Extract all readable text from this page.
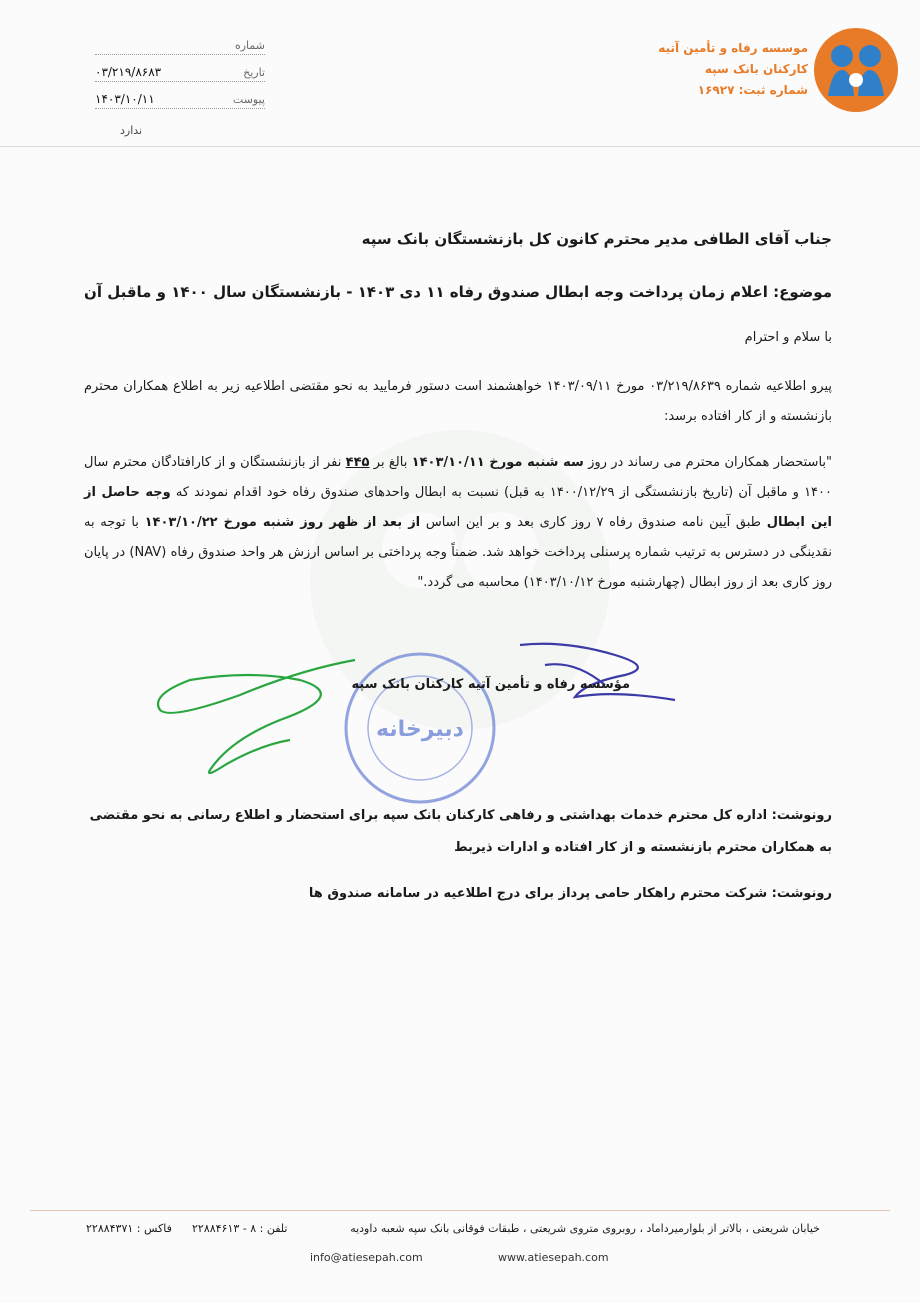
شماره
تاریخ
۰۳/۲۱۹/۸۶۸۳
پیوست
۱۴۰۳/۱۰/۱۱
ندارد
موسسه رفاه و تأمین آتیه
کارکنان بانک سپه
شماره ثبت: ۱۶۹۲۷
جناب آقای الطافی مدیر محترم کانون کل بازنشستگان بانک سپه
موضوع: اعلام زمان پرداخت وجه ابطال صندوق رفاه ۱۱ دی ۱۴۰۳ - بازنشستگان سال ۱۴۰۰ و ماقبل آن
با سلام و احترام
پیرو اطلاعیه شماره ۰۳/۲۱۹/۸۶۳۹ مورخ ۱۴۰۳/۰۹/۱۱ خواهشمند است دستور فرمایید به نحو مقتضی اطلاعیه زیر به اطلاع همکاران محترم بازنشسته و از کار افتاده برسد:
"باستحضار همکاران محترم می رساند در روز سه شنبه مورخ ۱۴۰۳/۱۰/۱۱ بالغ بر ۴۴۵ نفر از بازنشستگان و از کارافتادگان محترم سال ۱۴۰۰ و ماقبل آن (تاریخ بازنشستگی از ۱۴۰۰/۱۲/۲۹ به قبل) نسبت به ابطال واحدهای صندوق رفاه خود اقدام نمودند که وجه حاصل از این ابطال طبق آیین نامه صندوق رفاه ۷ روز کاری بعد و بر این اساس از بعد از ظهر روز شنبه مورخ ۱۴۰۳/۱۰/۲۲ با توجه به نقدینگی در دسترس به ترتیب شماره پرسنلی پرداخت خواهد شد. ضمناً وجه پرداختی بر اساس ارزش هر واحد صندوق رفاه (NAV) در پایان روز کاری بعد از روز ابطال (چهارشنبه مورخ ۱۴۰۳/۱۰/۱۲) محاسبه می گردد."
دبیرخانه
مؤسسه رفاه و تأمین آتیه کارکنان بانک سپه
رونوشت: اداره کل محترم خدمات بهداشتی و رفاهی کارکنان بانک سپه برای استحضار و اطلاع رسانی به نحو مقتضی به همکاران محترم بازنشسته و از کار افتاده و ادارات ذیربط
رونوشت: شرکت محترم راهکار حامی پرداز برای درج اطلاعیه در سامانه صندوق ها
خیابان شریعتی ، بالاتر از بلوارمیرداماد ، روبروی متروی شریعتی ، طبقات فوقانی بانک سپه شعبه داودیه
تلفن : ۸ - ۲۲۸۸۴۶۱۳
فاکس : ۲۲۸۸۴۳۷۱
www.atiesepah.com
info@atiesepah.com
